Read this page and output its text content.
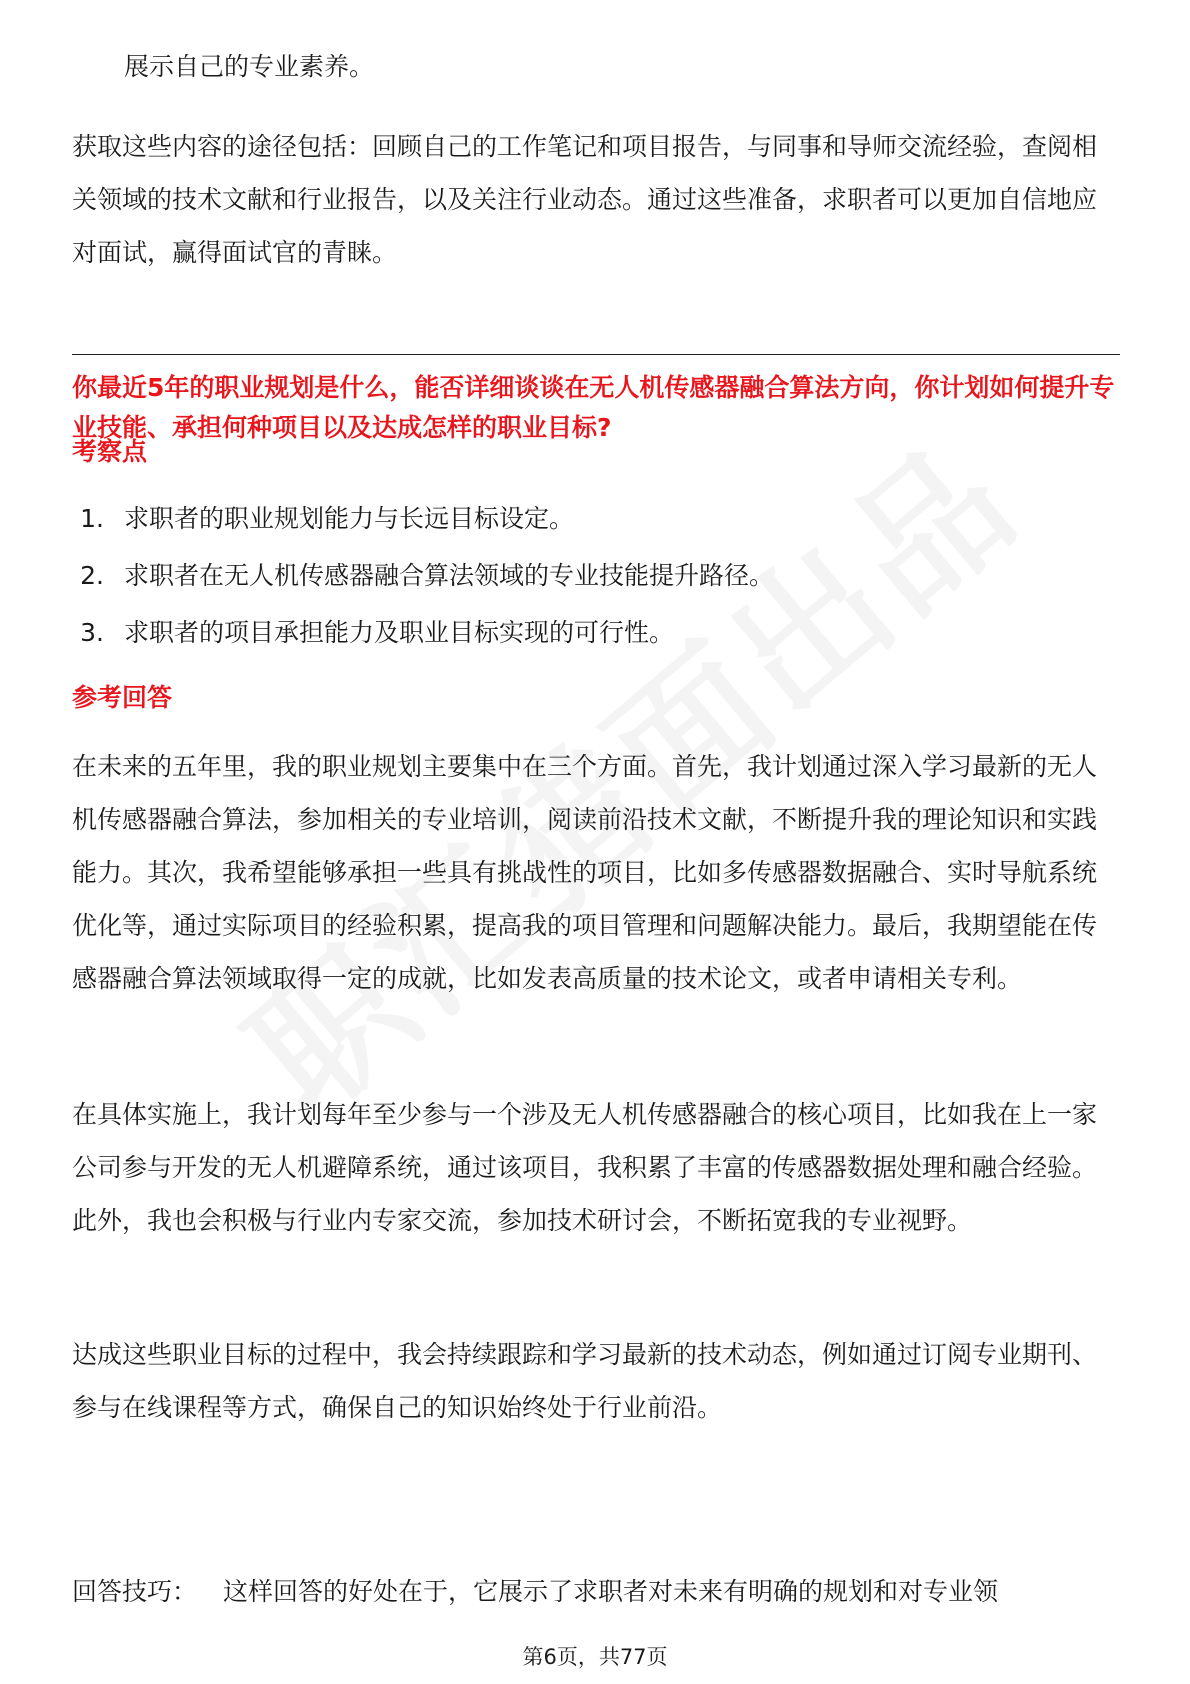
展示自己的专业素养。

获取这些内容的途径包括：回顾自己的工作笔记和项目报告，与同事和导师交流经验，查阅相关领域的技术文献和行业报告，以及关注行业动态。通过这些准备，求职者可以更加自信地应对面试，赢得面试官的青睐。

你最近5年的职业规划是什么，能否详细谈谈在无人机传感器融合算法方向，你计划如何提升专业技能、承担何种项目以及达成怎样的职业目标?

考察点

1. 求职者的职业规划能力与长远目标设定。
2. 求职者在无人机传感器融合算法领域的专业技能提升路径。
3. 求职者的项目承担能力及职业目标实现的可行性。

参考回答

在未来的五年里，我的职业规划主要集中在三个方面。首先，我计划通过深入学习最新的无人机传感器融合算法，参加相关的专业培训，阅读前沿技术文献，不断提升我的理论知识和实践能力。其次，我希望能够承担一些具有挑战性的项目，比如多传感器数据融合、实时导航系统优化等，通过实际项目的经验积累，提高我的项目管理和问题解决能力。最后，我期望能在传感器融合算法领域取得一定的成就，比如发表高质量的技术论文，或者申请相关专利。

在具体实施上，我计划每年至少参与一个涉及无人机传感器融合的核心项目，比如我在上一家公司参与开发的无人机避障系统，通过该项目，我积累了丰富的传感器数据处理和融合经验。此外，我也会积极与行业内专家交流，参加技术研讨会，不断拓宽我的专业视野。

达成这些职业目标的过程中，我会持续跟踪和学习最新的技术动态，例如通过订阅专业期刊、参与在线课程等方式，确保自己的知识始终处于行业前沿。

回答技巧： 这样回答的好处在于，它展示了求职者对未来有明确的规划和对专业领

第6页，共77页
